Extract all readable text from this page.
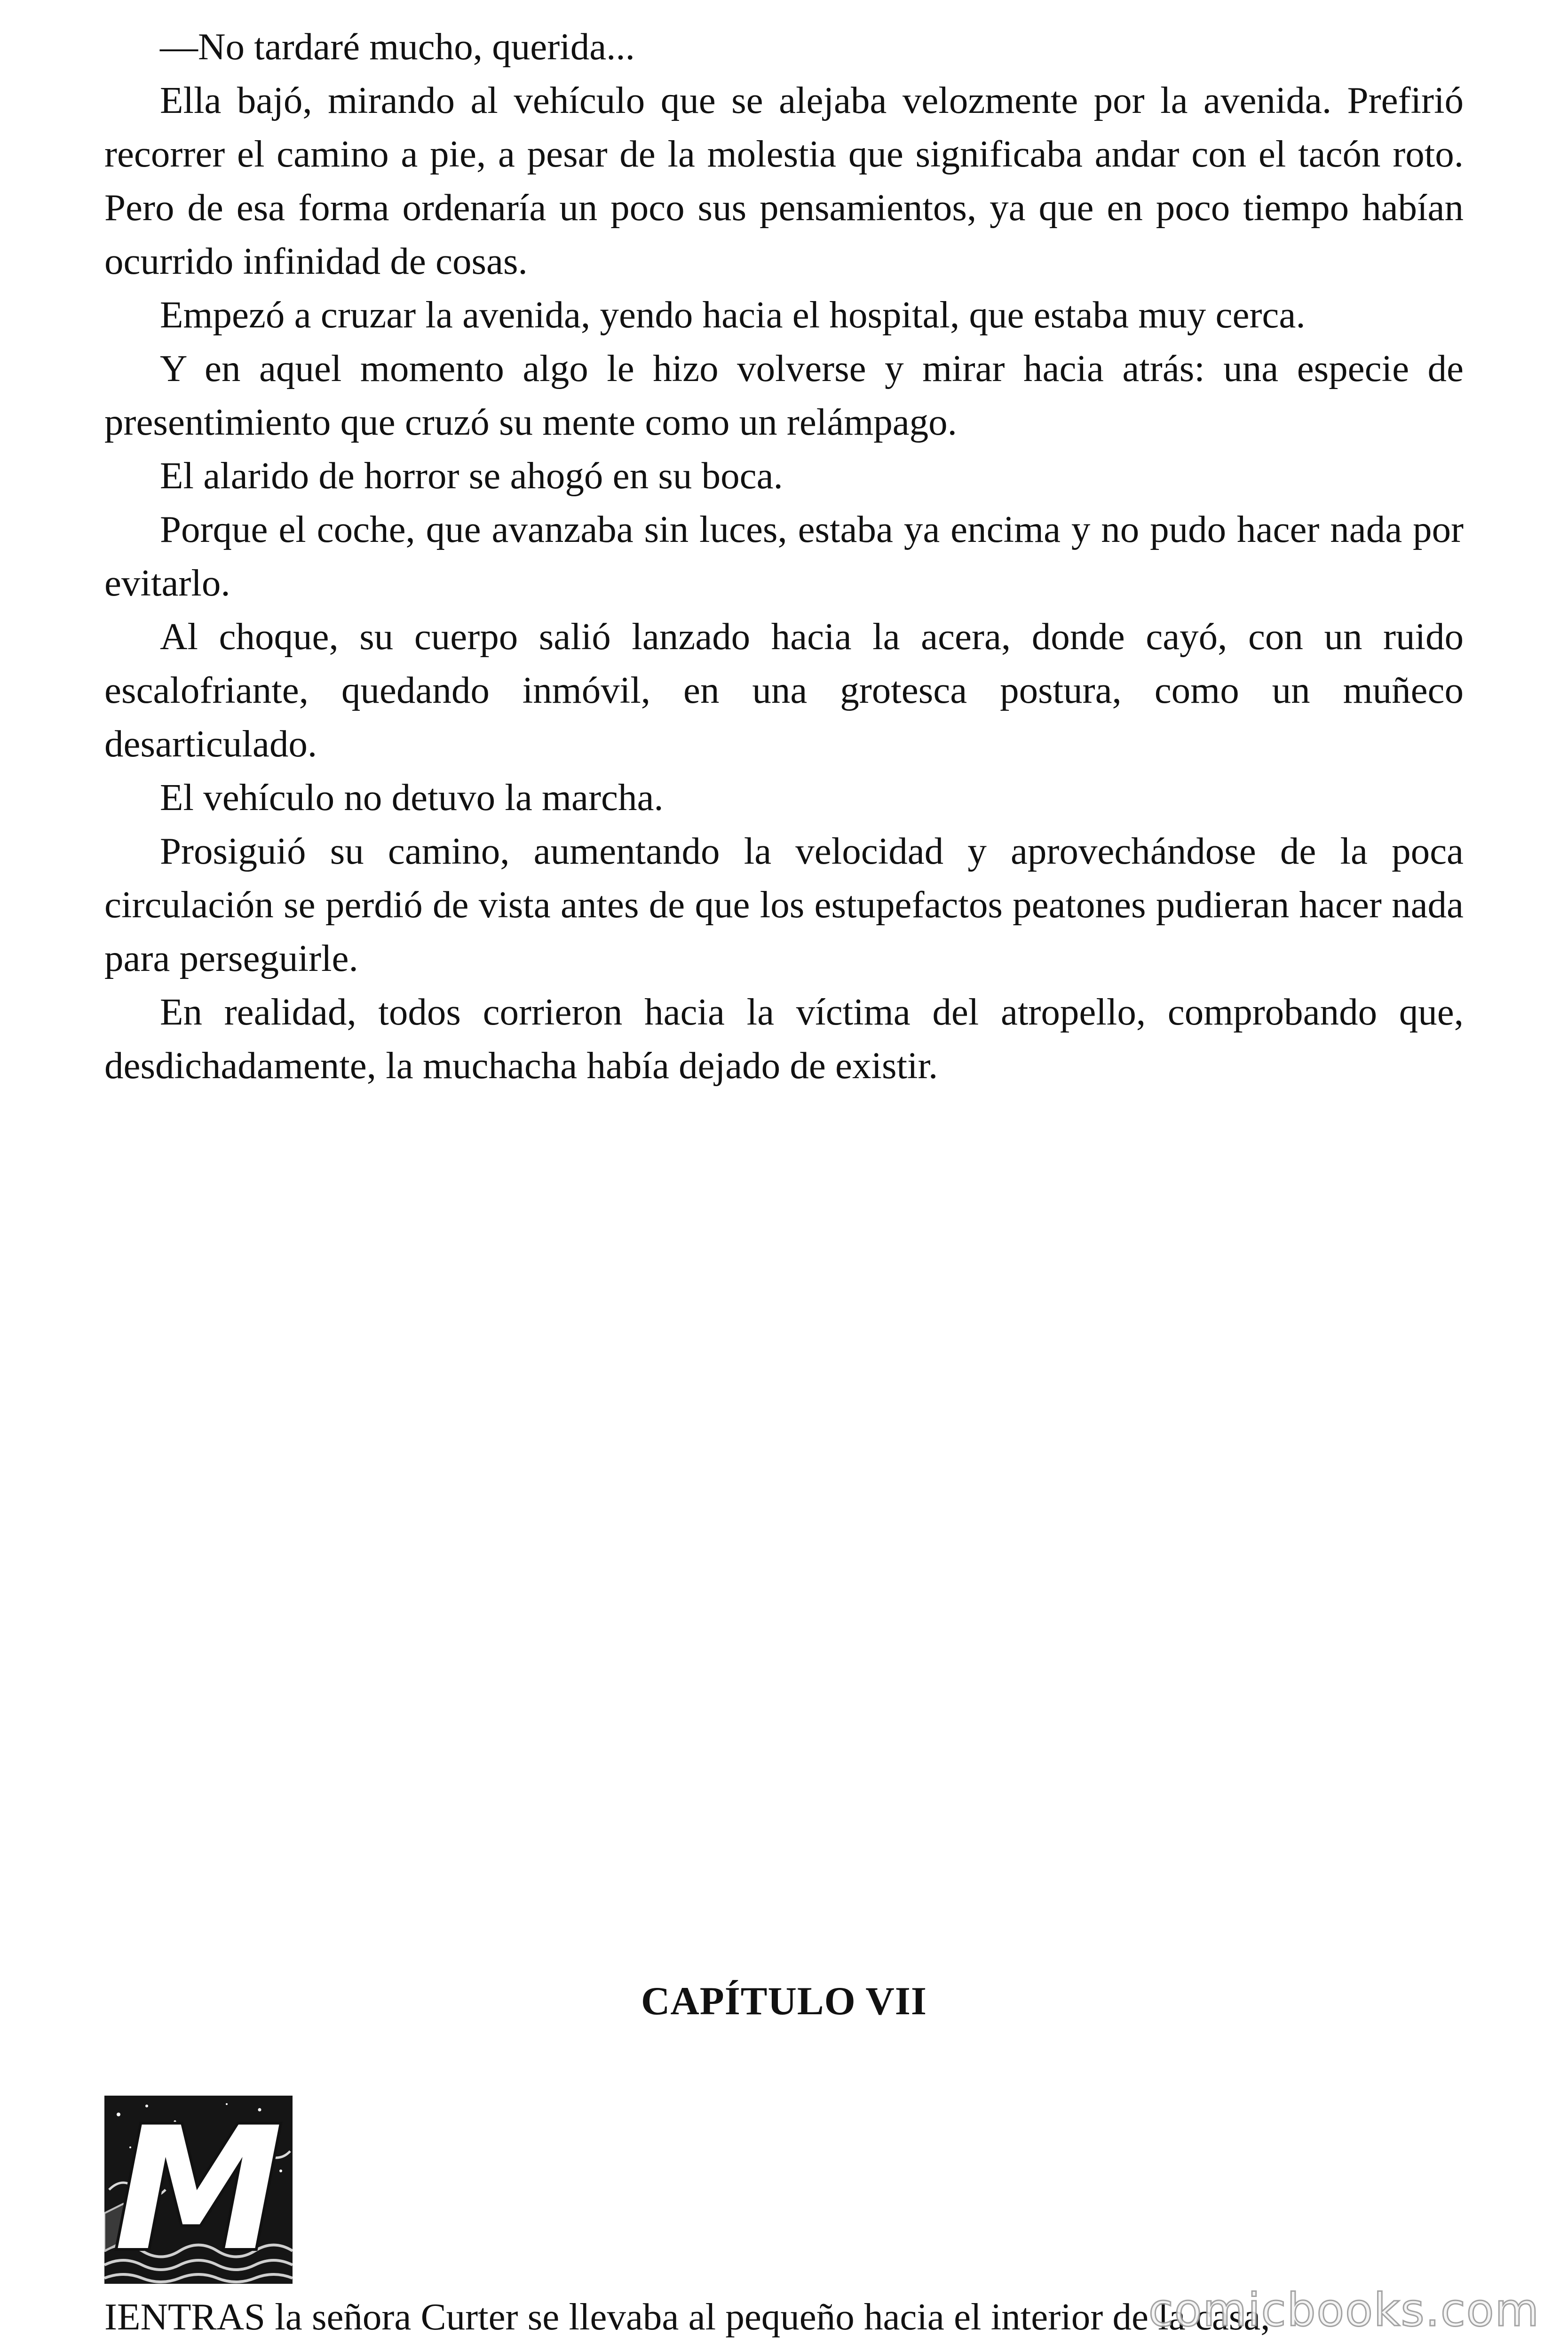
—No tardaré mucho, querida...

Ella bajó, mirando al vehículo que se alejaba velozmente por la avenida. Prefirió recorrer el camino a pie, a pesar de la molestia que significaba andar con el tacón roto. Pero de esa forma ordenaría un poco sus pensamientos, ya que en poco tiempo habían ocurrido infinidad de cosas.

Empezó a cruzar la avenida, yendo hacia el hospital, que estaba muy cerca.

Y en aquel momento algo le hizo volverse y mirar hacia atrás: una especie de presentimiento que cruzó su mente como un relámpago.

El alarido de horror se ahogó en su boca.

Porque el coche, que avanzaba sin luces, estaba ya encima y no pudo hacer nada por evitarlo.

Al choque, su cuerpo salió lanzado hacia la acera, donde cayó, con un ruido escalofriante, quedando inmóvil, en una grotesca postura, como un muñeco desarticulado.

El vehículo no detuvo la marcha.

Prosiguió su camino, aumentando la velocidad y aprovechándose de la poca circulación se perdió de vista antes de que los estupefactos peatones pudieran hacer nada para perseguirle.

En realidad, todos corrieron hacia la víctima del atropello, comprobando que, desdichadamente, la muchacha había dejado de existir.

CAPÍTULO VII
M
IENTRAS la señora Curter se llevaba al pequeño hacia el interior de la casa,
comicbooks.com
